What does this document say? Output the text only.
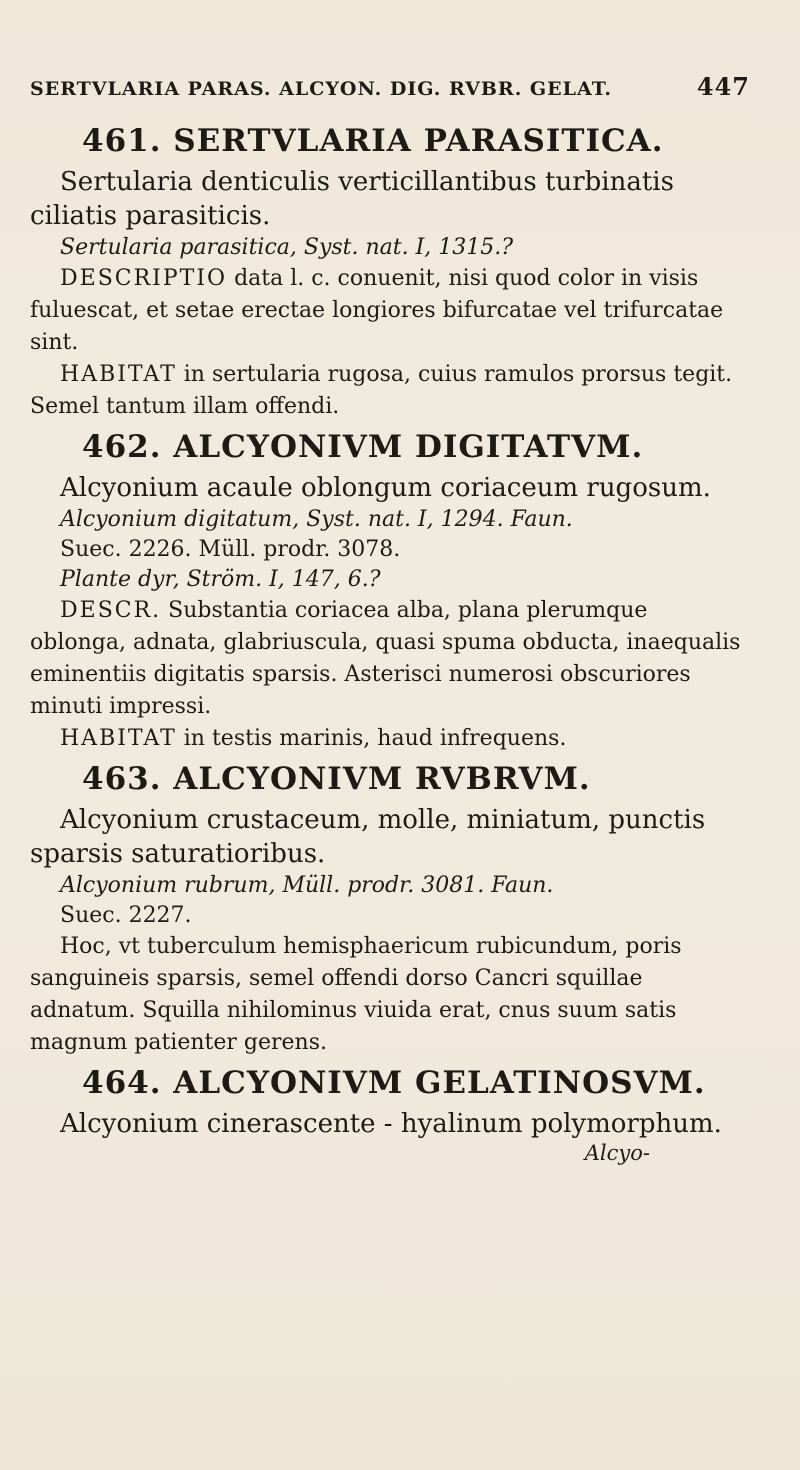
SERTVLARIA PARAS. ALCYON. DIG. RVBR. GELAT.	447
461. SERTVLARIA PARASITICA.

Sertularia denticulis verticillantibus turbinatis ciliatis parasiticis.

Sertularia parasitica, Syst. nat. I, 1315.?

DESCRIPTIO data l. c. conuenit, nisi quod color in visis fuluescat, et setae erectae longiores bifurcatae vel trifurcatae sint.

HABITAT in sertularia rugosa, cuius ramulos prorsus tegit. Semel tantum illam offendi.

462. ALCYONIVM DIGITATVM.

Alcyonium acaule oblongum coriaceum rugosum.

Alcyonium digitatum, Syst. nat. I, 1294. Faun.

Suec. 2226. Müll. prodr. 3078.

Plante dyr, Ström. I, 147, 6.?

DESCR. Substantia coriacea alba, plana plerumque oblonga, adnata, glabriuscula, quasi spuma obducta, inaequalis eminentiis digitatis sparsis. Asterisci numerosi obscuriores minuti impressi.

HABITAT in testis marinis, haud infrequens.

463. ALCYONIVM RVBRVM.

Alcyonium crustaceum, molle, miniatum, punctis sparsis saturatioribus.

Alcyonium rubrum, Müll. prodr. 3081. Faun.

Suec. 2227.

Hoc, vt tuberculum hemisphaericum rubicundum, poris sanguineis sparsis, semel offendi dorso Cancri squillae adnatum. Squilla nihilominus viuida erat, cnus suum satis magnum patienter gerens.

464. ALCYONIVM GELATINOSVM.

Alcyonium cinerascente - hyalinum polymorphum.

Alcyo-
